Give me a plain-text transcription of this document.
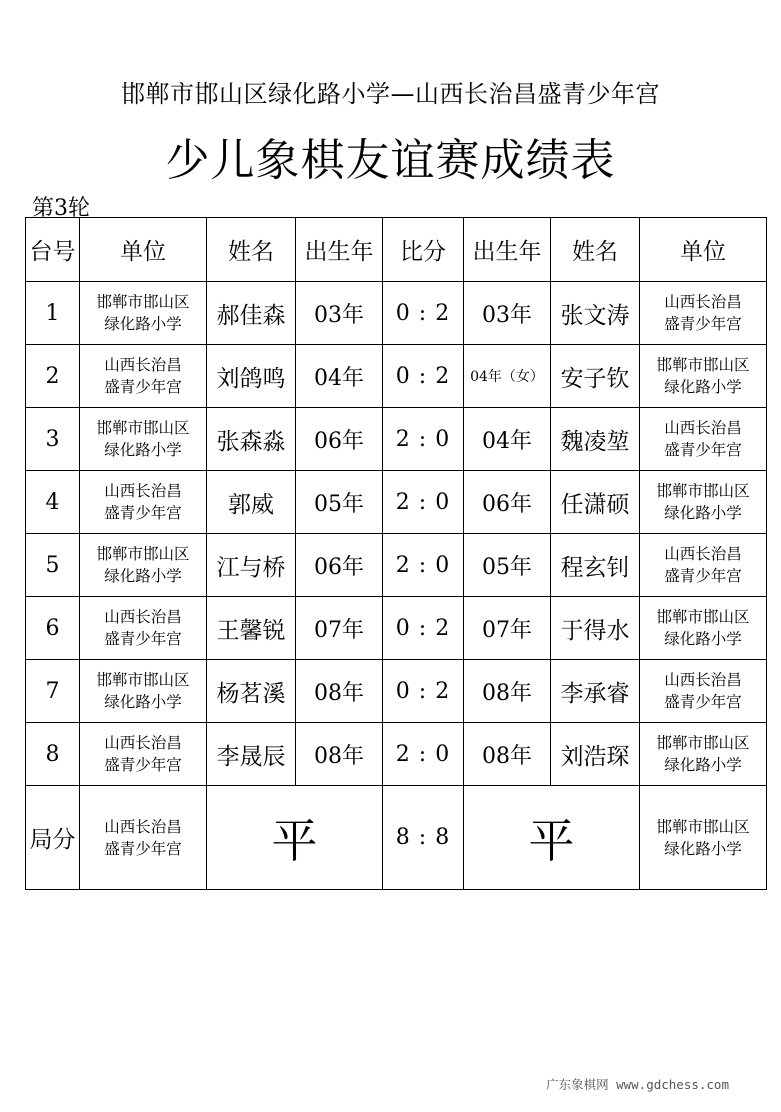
邯郸市邯山区绿化路小学—山西长治昌盛青少年宫
少儿象棋友谊赛成绩表
第3轮
台号	单位	姓名	出生年	比分	出生年	姓名	单位
1	邯郸市邯山区
绿化路小学	郝佳森	03年	0 : 2	03年	张文涛	山西长治昌
盛青少年宫
2	山西长治昌
盛青少年宫	刘鸽鸣	04年	0 : 2	04年（女）	安子钦	邯郸市邯山区
绿化路小学
3	邯郸市邯山区
绿化路小学	张森淼	06年	2 : 0	04年	魏凌堃	山西长治昌
盛青少年宫
4	山西长治昌
盛青少年宫	郭威	05年	2 : 0	06年	任潇硕	邯郸市邯山区
绿化路小学
5	邯郸市邯山区
绿化路小学	江与桥	06年	2 : 0	05年	程玄钊	山西长治昌
盛青少年宫
6	山西长治昌
盛青少年宫	王馨锐	07年	0 : 2	07年	于得水	邯郸市邯山区
绿化路小学
7	邯郸市邯山区
绿化路小学	杨茗溪	08年	0 : 2	08年	李承睿	山西长治昌
盛青少年宫
8	山西长治昌
盛青少年宫	李晟辰	08年	2 : 0	08年	刘浩琛	邯郸市邯山区
绿化路小学
局分	山西长治昌
盛青少年宫	平		8 : 8	平		邯郸市邯山区
绿化路小学
广东象棋网 www.gdchess.com
